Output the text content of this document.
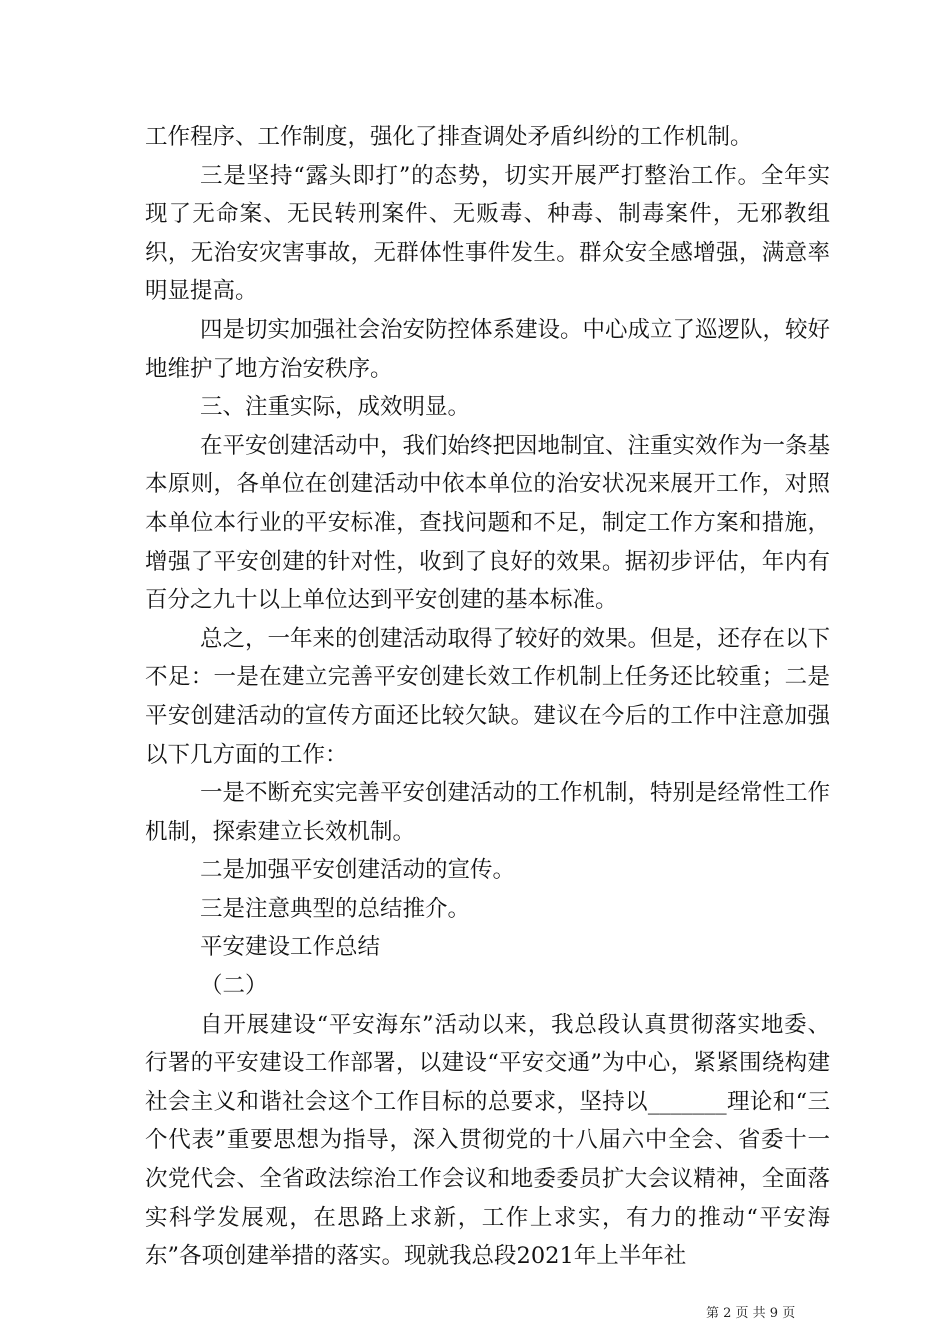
工作程序、工作制度，强化了排查调处矛盾纠纷的工作机制。

三是坚持“露头即打”的态势，切实开展严打整治工作。全年实现了无命案、无民转刑案件、无贩毒、种毒、制毒案件，无邪教组织，无治安灾害事故，无群体性事件发生。群众安全感增强，满意率明显提高。

四是切实加强社会治安防控体系建设。中心成立了巡逻队，较好地维护了地方治安秩序。

三、注重实际，成效明显。

在平安创建活动中，我们始终把因地制宜、注重实效作为一条基本原则，各单位在创建活动中依本单位的治安状况来展开工作，对照本单位本行业的平安标准，查找问题和不足，制定工作方案和措施，增强了平安创建的针对性，收到了良好的效果。据初步评估，年内有百分之九十以上单位达到平安创建的基本标准。

总之，一年来的创建活动取得了较好的效果。但是，还存在以下不足：一是在建立完善平安创建长效工作机制上任务还比较重；二是平安创建活动的宣传方面还比较欠缺。建议在今后的工作中注意加强以下几方面的工作：

一是不断充实完善平安创建活动的工作机制，特别是经常性工作机制，探索建立长效机制。

二是加强平安创建活动的宣传。

三是注意典型的总结推介。

平安建设工作总结

（二）

自开展建设“平安海东”活动以来，我总段认真贯彻落实地委、行署的平安建设工作部署，以建设“平安交通”为中心，紧紧围绕构建社会主义和谐社会这个工作目标的总要求，坚持以_______理论和“三个代表”重要思想为指导，深入贯彻党的十八届六中全会、省委十一次党代会、全省政法综治工作会议和地委委员扩大会议精神，全面落实科学发展观，在思路上求新，工作上求实，有力的推动“平安海东”各项创建举措的落实。现就我总段2021年上半年社

第 2 页 共 9 页
